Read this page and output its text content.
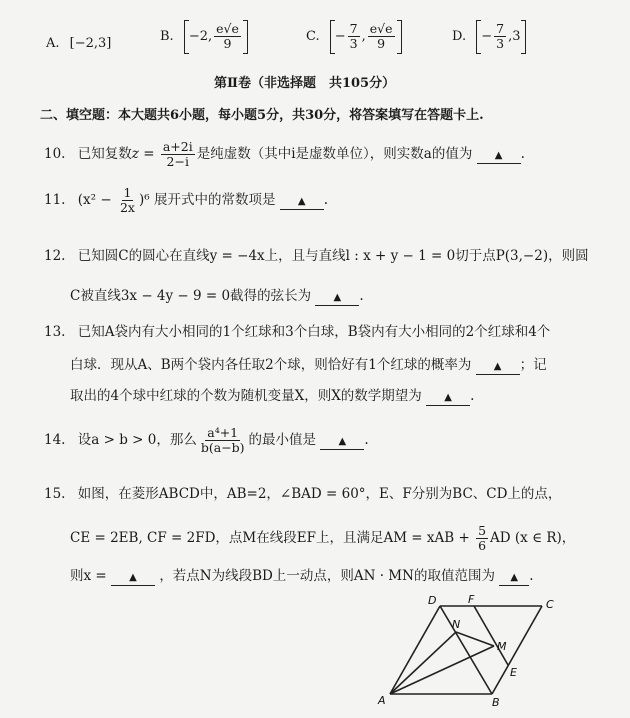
A. [−2,3]	B. −2, $\frac{e√e}{9}$	C. − $\frac{7}{3}$ , $\frac{e√e}{9}$	D. − $\frac{7}{3} ,3$
第Ⅱ卷（非选择题　共105分）
二、填空题：本大题共6小题，每小题5分，共30分，将答案填写在答题卡上.
10. 已知复数$z = \frac{a+2i}{2-i}$ 是纯虚数（其中i是虚数单位），则实数a的值为 ▲ .
11. $(x^2 - \frac{1}{2x} )^6$ 展开式中的常数项是 ▲ .
12. 已知圆C的圆心在直线y = −4x上，且与直线l : x + y − 1 = 0切于点P(3,−2)，则圆
C被直线3x − 4y − 9 = 0截得的弦长为 ▲ .
13. 已知A袋内有大小相同的1个红球和3个白球，B袋内有大小相同的2个红球和4个
白球．现从A、B两个袋内各任取2个球，则恰好有1个红球的概率为 ▲ ；记
取出的4个球中红球的个数为随机变量X，则X的数学期望为 ▲ .
14. 设a > b > 0，那么 $\frac{\text{a⁴+1}}{b(a-b)}$ 的最小值是 ▲ .
15. 如图，在菱形ABCD中，AB=2，∠BAD = 60°，E、F分别为BC、CD上的点，
CE = 2EB, CF = 2FD，点M在线段EF上，且满足AM = xAB + $\frac{5}{6}$ AD (x ∈ R)，
则x = ▲ ，若点N为线段BD上一动点，则AN · MN的取值范围为 ▲ .
A	B
C
D
E
F
M
N
